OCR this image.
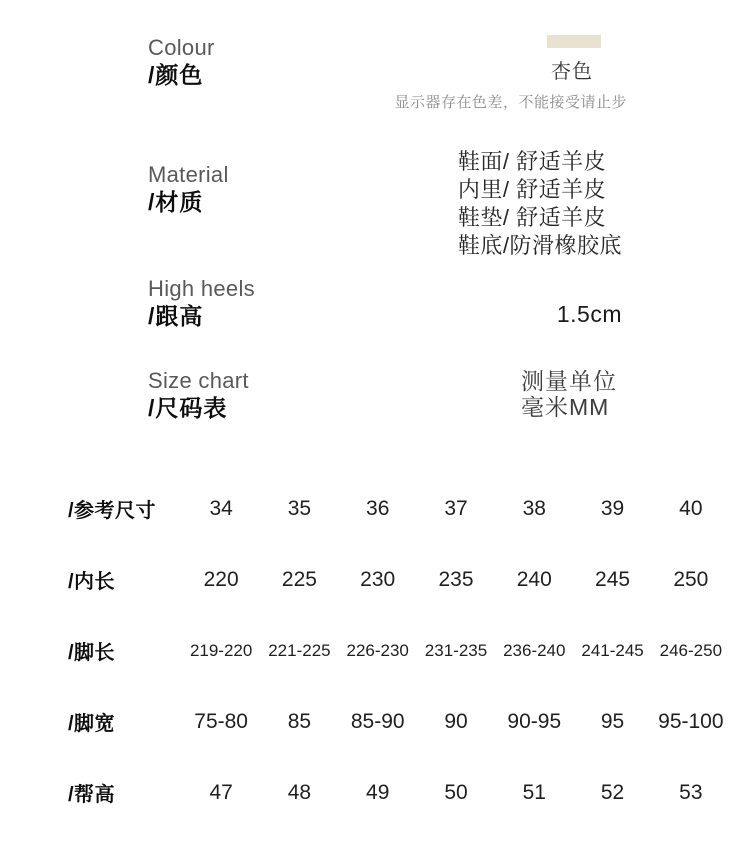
Colour
/颜色	杏色
显示器存在色差，不能接受请止步
Material
/材质
鞋面/ 舒适羊皮
内里/ 舒适羊皮
鞋垫/ 舒适羊皮
鞋底/防滑橡胶底
High heels
/跟高	1.5cm
Size chart
/尺码表
测量单位
毫米MM
/参考尺寸	34	35	36	37	38	39	40
/内长	220	225	230	235	240	245	250
/脚长	219-220 221-225 226-230 231-235 236-240 241-245 246-250
/脚宽	75-80	85	85-90	90	90-95	95	95-100
/帮高	47	48	49	50	51	52	53
